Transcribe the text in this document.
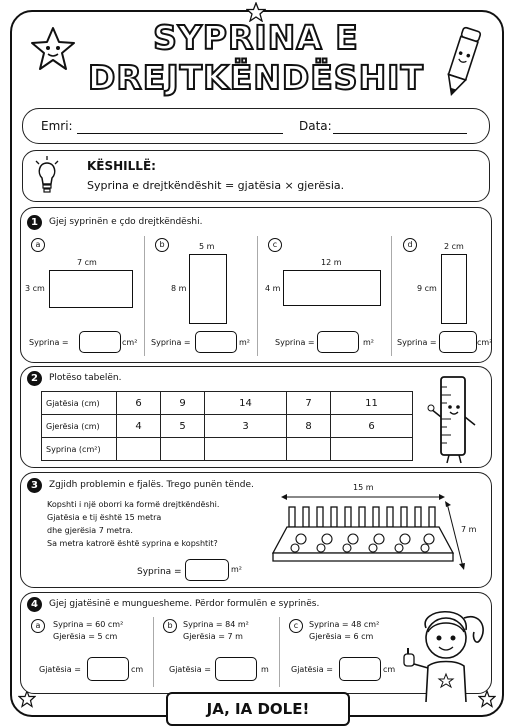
SYPRINA E
DREJTKËNDËSHIT
Emri:	Data:
KËSHILLË:
Syprina e drejtkëndëshit = gjatësia × gjerësia.
1	Gjej syprinën e çdo drejtkëndëshi.
a
7 cm
3 cm
Syprina =	cm²
b	5 m
8 m
Syprina =	m²
c
12 m
4 m
Syprina =	m²
d	2 cm
9 cm
Syprina =	cm²
2	Plotëso tabelën.
Gjatësia (cm)	6	9	14	7	11
Gjerësia (cm)	4	5	3	8	6
Syprina (cm²)					
3	Zgjidh problemin e fjalës. Trego punën tënde.
Kopshti i një oborri ka formë drejtkëndëshi.
Gjatësia e tij është 15 metra
dhe gjerësia 7 metra.
Sa metra katrorë është syprina e kopshtit?
Syprina =	m²
15 m
7 m
4	Gjej gjatësinë e munguesheme. Përdor formulën e syprinës.
a	Syprina = 60 cm²
Gjerësia = 5 cm
Gjatësia =	cm
b	Syprina = 84 m²
Gjerësia = 7 m
Gjatësia =	m
c	Syprina = 48 cm²
Gjerësia = 6 cm
Gjatësia =	cm
JA, IA DOLE!
